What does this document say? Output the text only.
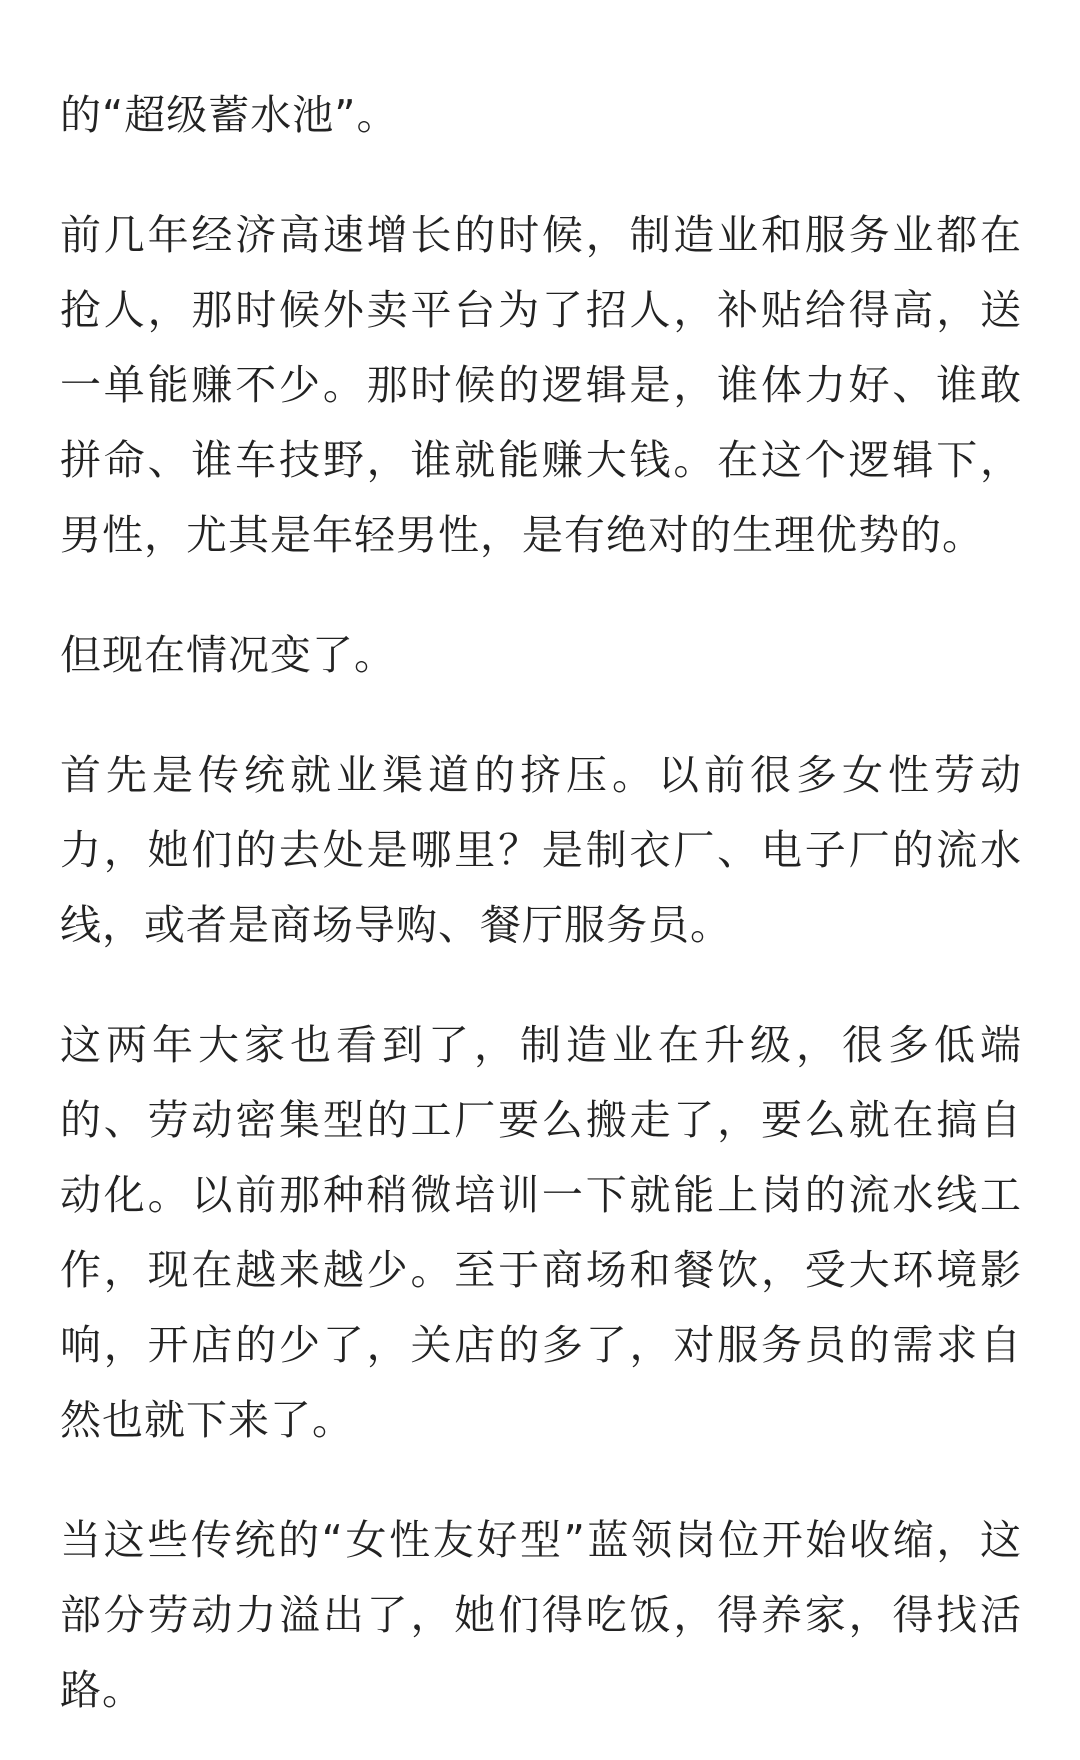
的“超级蓄水池”。

前几年经济高速增长的时候，制造业和服务业都在抢人，那时候外卖平台为了招人，补贴给得高，送一单能赚不少。那时候的逻辑是，谁体力好、谁敢拼命、谁车技野，谁就能赚大钱。在这个逻辑下，男性，尤其是年轻男性，是有绝对的生理优势的。

但现在情况变了。

首先是传统就业渠道的挤压。以前很多女性劳动力，她们的去处是哪里？是制衣厂、电子厂的流水线，或者是商场导购、餐厅服务员。

这两年大家也看到了，制造业在升级，很多低端的、劳动密集型的工厂要么搬走了，要么就在搞自动化。以前那种稍微培训一下就能上岗的流水线工作，现在越来越少。至于商场和餐饮，受大环境影响，开店的少了，关店的多了，对服务员的需求自然也就下来了。

当这些传统的“女性友好型”蓝领岗位开始收缩，这部分劳动力溢出了，她们得吃饭，得养家，得找活路。
